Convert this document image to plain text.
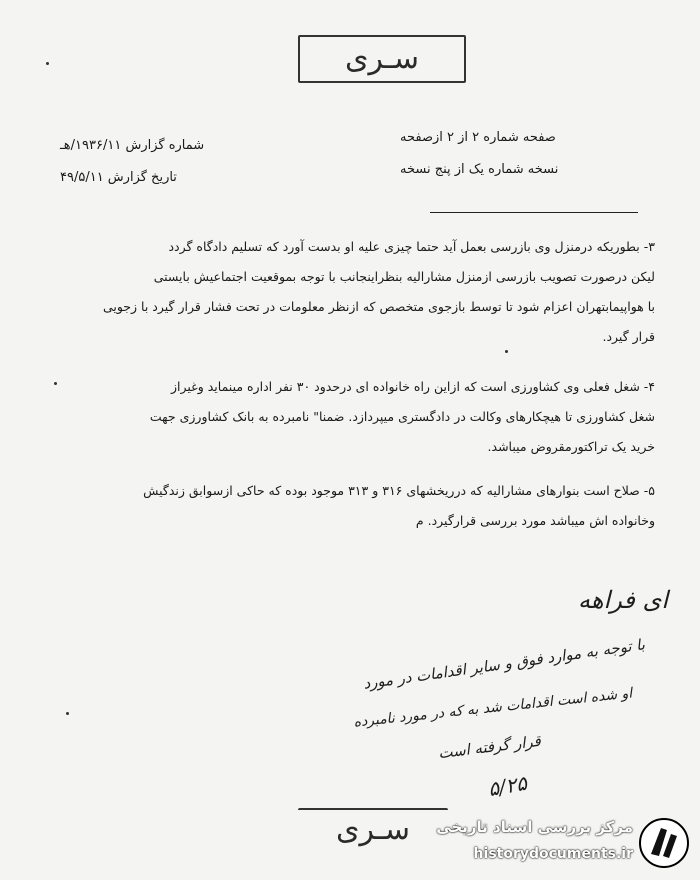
سـری
صفحه شماره ۲ از ۲ ازصفحه
نسخه شماره یک از پنج نسخه
شماره گزارش ۱۹۳۶/۱۱/هـ
تاریخ گزارش ۴۹/۵/۱۱

۳- بطوریکه درمنزل وی بازرسی بعمل آید حتما چیزی علیه او بدست آورد که تسلیم دادگاه گردد

لیکن درصورت تصویب بازرسی ازمنزل مشارالیه بنظراینجانب با توجه بموقعیت اجتماعیش بایستی

با هواپیمابتهران اعزام شود تا توسط بازجوی متخصص که ازنظر معلومات در تحت فشار قرار گیرد با زجویی

قرار گیرد.

۴- شغل فعلی وی کشاورزی است که ازاین راه خانواده ای درحدود ۳۰ نفر اداره مینماید وغیراز

شغل کشاورزی تا هیچکارهای وکالت در دادگستری میپردازد. ضمنا" نامبرده به بانک کشاورزی جهت

خرید یک تراکتورمقروض میباشد.

۵- صلاح است بنوارهای مشارالیه که درریخشهای ۳۱۶ و ۳۱۳ موجود بوده که حاکی ازسوابق زندگیش

وخانواده اش میباشد مورد بررسی قرارگیرد. م

ای فراهه
با توجه به موارد فوق و سایر اقدامات در مورد
او شده است اقدامات شد به که در مورد نامبرده
قرار گرفته است
۵/۲۵
سـری	مرکز بررسی اسناد تاریخی
historydocuments.ir
